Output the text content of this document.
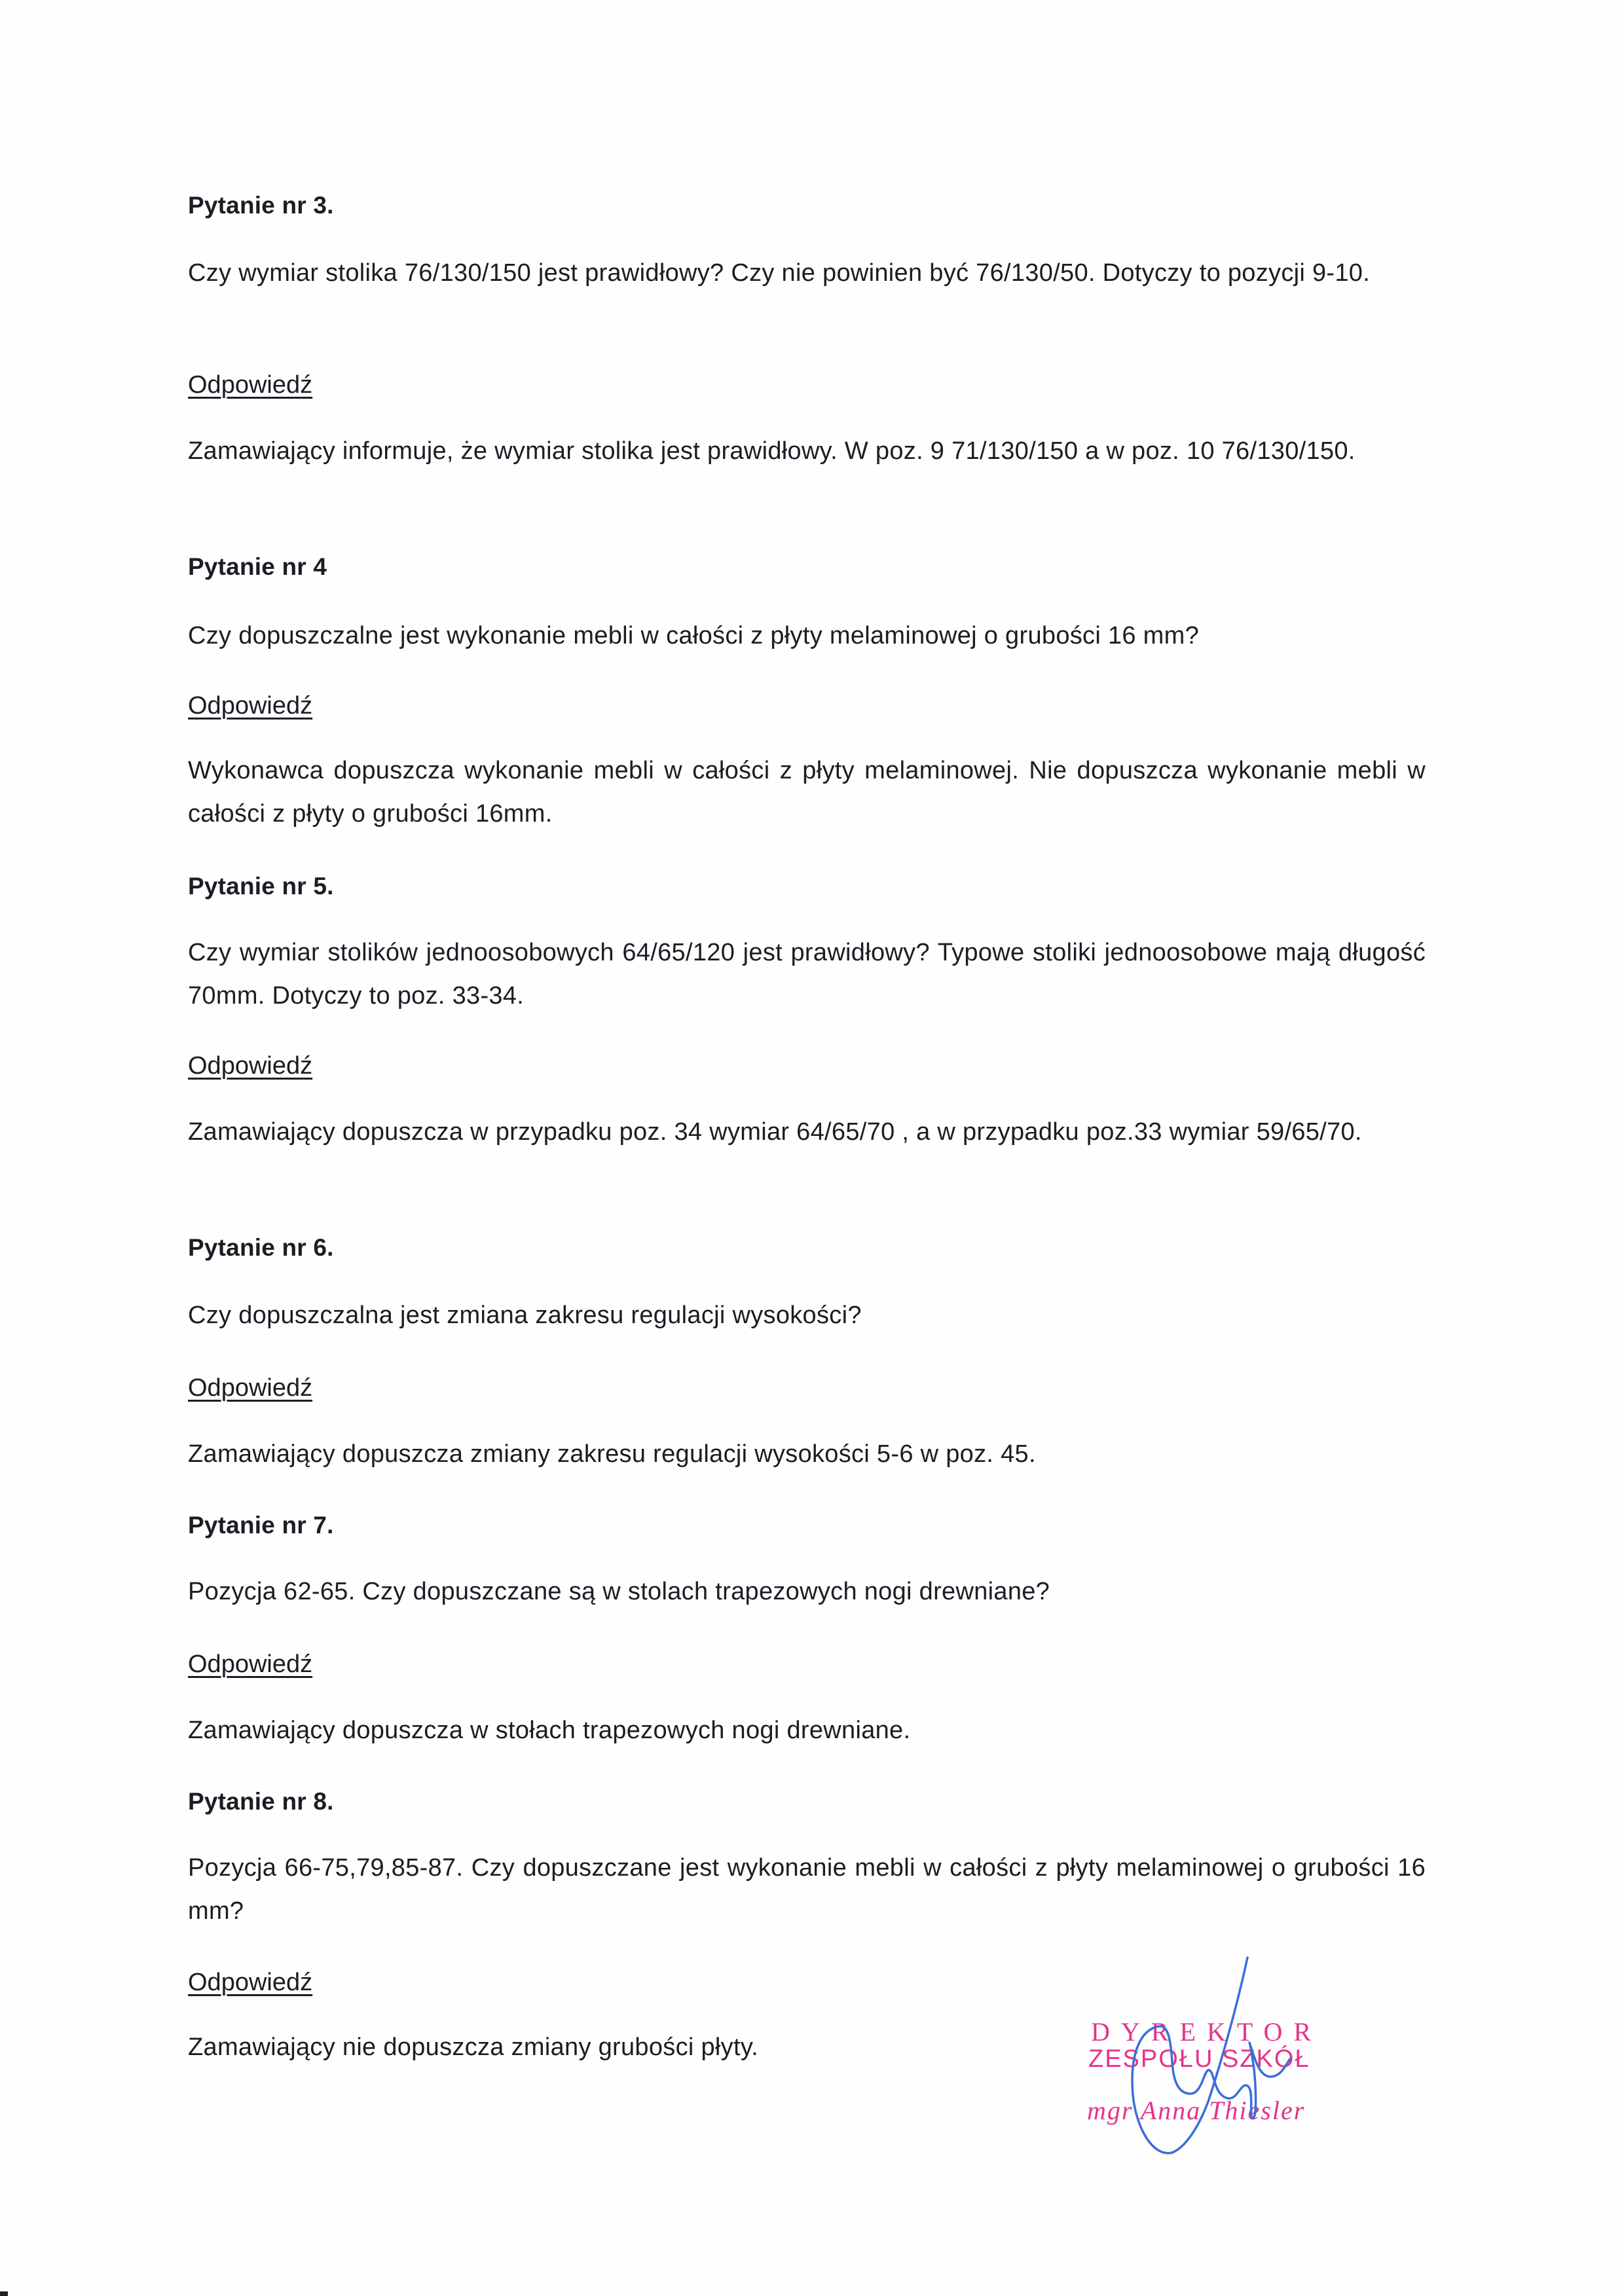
Pytanie nr 3.

Czy wymiar stolika 76/130/150 jest prawidłowy? Czy nie powinien być 76/130/50. Dotyczy to pozycji 9-10.

Odpowiedź

Zamawiający informuje, że wymiar stolika jest prawidłowy. W poz. 9 71/130/150 a w poz. 10 76/130/150.

Pytanie nr 4

Czy dopuszczalne jest wykonanie mebli w całości z płyty melaminowej o grubości 16 mm?

Odpowiedź

Wykonawca dopuszcza wykonanie mebli w całości z płyty melaminowej. Nie dopuszcza wykonanie mebli w całości z płyty o grubości 16mm.

Pytanie nr 5.

Czy wymiar stolików jednoosobowych 64/65/120 jest prawidłowy? Typowe stoliki jednoosobowe mają długość 70mm. Dotyczy to poz. 33-34.

Odpowiedź

Zamawiający dopuszcza w przypadku poz. 34 wymiar 64/65/70 , a w przypadku poz.33 wymiar 59/65/70.

Pytanie nr 6.

Czy dopuszczalna jest zmiana zakresu regulacji wysokości?

Odpowiedź

Zamawiający dopuszcza zmiany zakresu regulacji wysokości 5-6 w poz. 45.

Pytanie nr 7.

Pozycja 62-65. Czy dopuszczane są w stolach trapezowych nogi drewniane?

Odpowiedź

Zamawiający dopuszcza w stołach trapezowych nogi drewniane.

Pytanie nr 8.

Pozycja 66-75,79,85-87. Czy dopuszczane jest wykonanie mebli w całości z płyty melaminowej o grubości 16 mm?

Odpowiedź

Zamawiający nie dopuszcza zmiany grubości płyty.

DYREKTOR
ZESPOŁU SZKÓŁ
mgr Anna Thiesler
